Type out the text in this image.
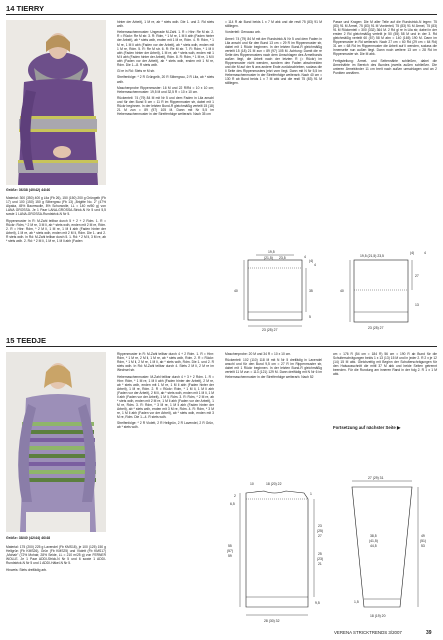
14 TIERRY
Größe: 36/38 (40/42) 44/46
Material: 300 (350) 400 g Lila (Fb 26), 150 (150) 200 g Grüngelb (Fb 17) und 100 (150) 150 g Silbergrau (Fb 13) „Brigitte No. 2" (47% Alpaka, 45% Baumwolle, 8% Schurwolle, LL = 140 m/50 g) von LANA GROSSA. Je 1 Paar LANA-GROSSA-Strick-N Nr 5 und 5,5 sowie 1 LANA-GROSSA-Rundstrick-N Nr 5.
Rippenmuster in R: M-Zahl teilbar durch 5 + 2 + 2 Rdm. 1. R = Rückr: Rdm, * 2 M re, 3 M li, ab * stets wdh, enden mit 2 M re, Rdm. 2. R = Hinr: Rdm, * 2 M li, 1 M re, 1 M li abh (Faden hinter der Arbeit), 1 M re, ab * stets wdh, enden mit 2 M li, Rdm. Die 1. und 2. R stets wdh. In Rd: M-Zahl teilbar durch 5. 1. Rd: * 2 M li, 3 M re, ab * stets wdh. 2. Rd: * 2 M li, 1 M re, 1 M li abh (Faden
hinter der Arbeit), 1 M re, ab * stets wdh. Die 1. und 2. Rd stets wdh.
Hebemaschenmuster: Ungerade M-Zahl. 1. R = Hinr: Re M str. 2. R = Rückr: Re M str. 3. R: Rdm, * 1 M re, 1 M li abh (Faden hinter der Arbeit), ab * stets wdh, enden mit 1 M re, Rdm. 4. R: Rdm, * 1 M re, 1 M li abh (Faden vor der Arbeit), ab * stets wdh, enden mit 1 M re, Rdm. 5. R: Re M str. 6. R: Re M str. 7. R: Rdm, * 1 M li abh (Faden hinter der Arbeit), 1 M re, ab * stets wdh, enden mit 1 M li abh (Faden hinter der Arbeit), Rdm. 8. R: Rdm, * 1 M re, 1 M li abh (Faden vor der Arbeit), ab * stets wdh, enden mit 1 M re, Rdm. Die 1.–8. R stets wdh.
Gl re in Rd: Stets re M str.
Streifenfolge: * 2 R Grüngelb, 20 R Silbergrau, 2 R Lila, ab * stets wdh.
Maschenprobe Rippenmuster: 16 M und 22 R/Rd = 10 x 10 cm; Hebemaschenmuster: 19,5 M und 32,5 R = 10 x 10 cm.
Rückenteil: 74 (79) 84 M mit Nr 5 und dem Faden in Lila anschl und für den Bund 5 cm = 11 R im Rippenmuster str, dabei mit 1 Rückr beginnen. In der letzten Bund-R gleichmäßig verteilt 15 (18) 21 M zun = 89 (97) 105 M. Dann mit Nr 5,5 im Hebemaschenmuster in der Streifenfolge weiterarb. Nach 35 cm
= 114 R ab Bund beids 1 x 7 M abk und die restl 75 (83) 91 M stilllegen.
Vorderteil: Genauso arb.
Ärmel: 74 (79) 84 M mit der Rundstrick-N Nr 5 und dem Faden in Lila anschl und für den Bund 13 cm = 29 R im Rippenmuster str, dabei mit 1 Rückr beginnen. In der letzten Bund-R gleichmäßig verteilt 15 (18) 21 M zun = 89 (97) 105 M. Achtung: Damit die re Seite des Rippenmusters nach dem Umschlagen des Ärmelbunds außen liegt, die Arbeit nach der letzten R (= Rückr) im Rippenmuster nicht wenden, sondern den Faden abschneiden und die M auf der N ans andere Ende zurückschieben, sodass die li Seite des Rippenmusters jetzt vorn liegt. Dann mit N Nr 5,5 im Hebemaschenmuster in der Streifenfolge weiterarb. Nach 40 cm = 130 R ab Bund beids 1 x 7 M abk und die restl 75 (83) 91 M stilllegen.
Passe und Kragen: Die M aller Teile auf die Rundstrick-N legen: 75 (83) 91 M Ärmel, 75 (83) 91 M Vorderteil, 75 (83) 91 M Ärmel, 75 (83) 91 M Rückenteil = 300 (332) 364 M. 2 Rd gl re in Lila str, dabei in der ersten 2 Rd gleichmäßig verteilt je 50 (55) 58 M und in der 3. Rd gleichmäßig verteilt 60 (57) 58 M abn = 140 (165) 190 M. Dann im Rippenmuster in Rd weiterarb. Nach 27 cm = 60 Rd (29 cm = 64 Rd) 31 cm = 68 Rd im Rippenmuster die Arbeit auf li wenden, sodass die Innenseite nun außen liegt. Dann noch weitere 13 cm = 28 Rd im Rippenmuster str. Die M abk.
Fertigstellung: Ärmel- und Seitennähte schließen, dabei die Ärmelnähte im Bereich des Bundes jeweils außen schließen. Die unteren Ärmelränder 11 cm breit nach außen umschlagen und an 2 Punkten annähen.
19,5
(21,5) 23,5	4
(4)
4
40	35
5
23 (25) 27
(4)	4
19,5 (21,5) 23,5
40
27
13
23 (25) 27
15 TEEDJE
Größe: 38/40 (42/44) 46/48
Material: 175 (200) 225 g Lavendel (Fb KMS18), je 100 (125) 150 g Hellgrün (Fb KMS26), Grün (Fb KMS25) und Violett (Fb KMS17) „Mohair" (72% Mohair, 28% Seide, LL = 210 m/25 g) von FERNER WOLLE. Je 1 Paar ADDI-Strick-N Nr 5 und 6 sowie 1 ADDI-Rundstrick-N Nr 5 und 1 ADDI-Häkel-N Nr 5.
Hinweis: Stets dreifädig arb.
Rippenmuster in R: M-Zahl teilbar durch 4 + 2 Rdm. 1. R = Hinr: Rdm, * 1 M re, 2 M li, 1 M re, ab * stets wdh, Rdm. 2. R = Rückr: Rdm, * 1 M li, 2 M re, 1 M li, ab * stets wdh, Rdm. Die 1. und 2. R stets wdh. In Rd: M-Zahl teilbar durch 4. Stets 2 M li, 2 M re im Wechsel str.
Hebemaschenmuster: M-Zahl teilbar durch 4 + 3 + 2 Rdm. 1. R = Hinr: Rdm, * 1 M re, 1 M li abh (Faden hinter der Arbeit), 2 M re, ab * stets wdh, enden mit 1 M re, 1 M li abh (Faden hinter der Arbeit), 1 M re, Rdm. 2. R = Rückr: Rdm, * 1 M li, 1 M li abh (Faden vor der Arbeit), 2 M li, ab * stets wdh, enden mit 1 M li, 1 M li abh (Faden vor der Arbeit), 1 M li, Rdm. 3. R: Rdm, * 2 M re, ab * stets wdh, enden mit 2 M re, 1 M li abh (Faden vor der Arbeit), 1 M re, Rdm. 3. R: Rdm, * 3 M re, 1 M li abh (Faden hinter der Arbeit), ab * stets wdh, enden mit 3 M re, Rdm. 4. R: Rdm, * 3 M re, 1 M li abh (Faden vor der Arbeit), ab * stets wdh, enden mit 3 M re, Rdm. Die 1.–4. R stets wdh.
Streifenfolge: * 2 R Violett, 2 R Hellgrün, 2 R Lavendel, 2 R Grün, ab * stets wdh.
Maschenprobe: 20 M und 34 R = 10 x 10 cm.
Rückenteil: 102 (110) 118 M mit N Nr 5 dreifädig in Lavendel anschl und für den Bund 9,5 cm = 27 R im Rippenmuster str, dabei mit 1 Rückr beginnen. In der letzten Bund-R gleichmäßig verteilt 11 M zun = 113 (121) 129 M. Dann dreifädig mit N Nr 6 im Hebemaschenmuster in der Streifenfolge weiterarb. Nach 52
cm = 176 R (54 cm = 184 R) 56 cm = 190 R ab Bund für die Schulterschrägungen beids 1 x 13 (13) 15 M und in jeder 2. R 2 x je 12 (14) 15 M abk. Gleichzeitig mit Beginn der Schulterschrägungen für den Halsausschnitt die mittl 37 M abk und beide Seiten getrennt beenden. Für die Rundung am inneren Rand in der folg 2. R 1 x 1 M abk.
Fortsetzung auf nächster Seite ▶
10	18 (20) 22
2
6,5
23
(25)
27
25
(23)
21
55
(57)
59
9,5
28 (30) 32
1
27 (29) 31
38,5
(41,5)
44,5
49
(51)
53
1,5
18 (19) 20
VERENA STRICKTRENDS 3/2007	39
